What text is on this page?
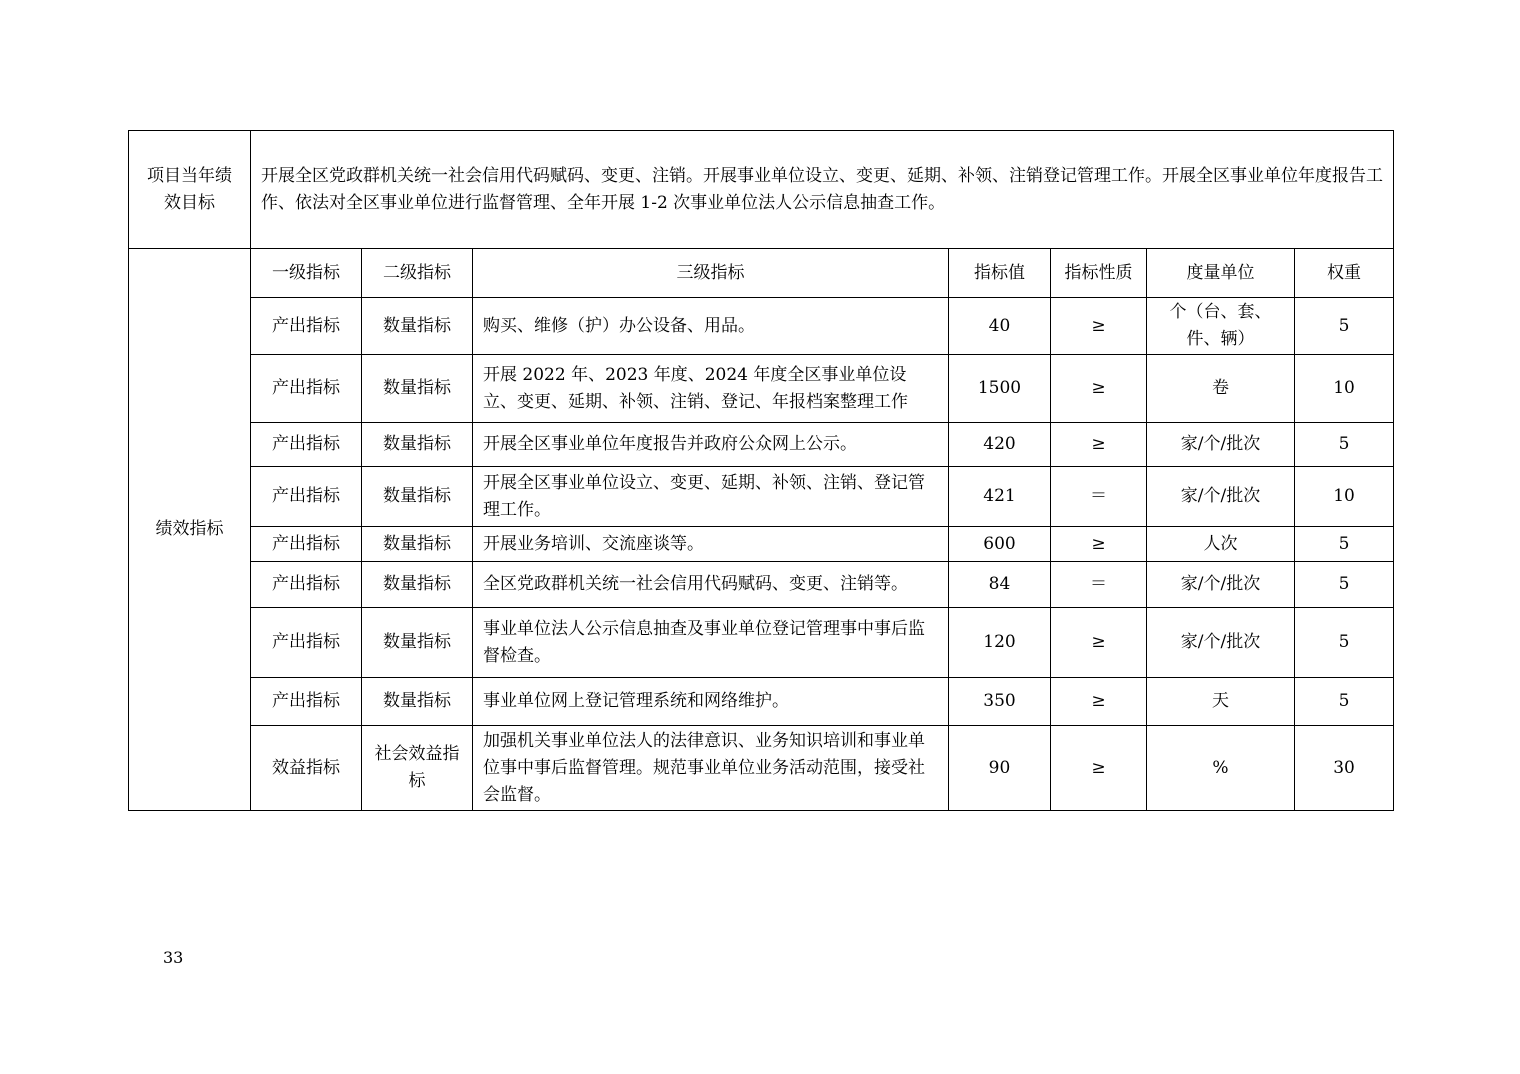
项目当年绩效目标	开展全区党政群机关统一社会信用代码赋码、变更、注销。开展事业单位设立、变更、延期、补领、注销登记管理工作。开展全区事业单位年度报告工作、依法对全区事业单位进行监督管理、全年开展 1-2 次事业单位法人公示信息抽查工作。						
绩效指标	一级指标	二级指标	三级指标	指标值	指标性质	度量单位	权重
	产出指标	数量指标	购买、维修（护）办公设备、用品。	40	≥	个（台、套、件、辆）	5
	产出指标	数量指标	开展 2022 年、2023 年度、2024 年度全区事业单位设立、变更、延期、补领、注销、登记、年报档案整理工作	1500	≥	卷	10
	产出指标	数量指标	开展全区事业单位年度报告并政府公众网上公示。	420	≥	家/个/批次	5
	产出指标	数量指标	开展全区事业单位设立、变更、延期、补领、注销、登记管理工作。	421	＝	家/个/批次	10
	产出指标	数量指标	开展业务培训、交流座谈等。	600	≥	人次	5
	产出指标	数量指标	全区党政群机关统一社会信用代码赋码、变更、注销等。	84	＝	家/个/批次	5
	产出指标	数量指标	事业单位法人公示信息抽查及事业单位登记管理事中事后监督检查。	120	≥	家/个/批次	5
	产出指标	数量指标	事业单位网上登记管理系统和网络维护。	350	≥	天	5
	效益指标	社会效益指标	加强机关事业单位法人的法律意识、业务知识培训和事业单位事中事后监督管理。规范事业单位业务活动范围，接受社会监督。	90	≥	%	30
33
